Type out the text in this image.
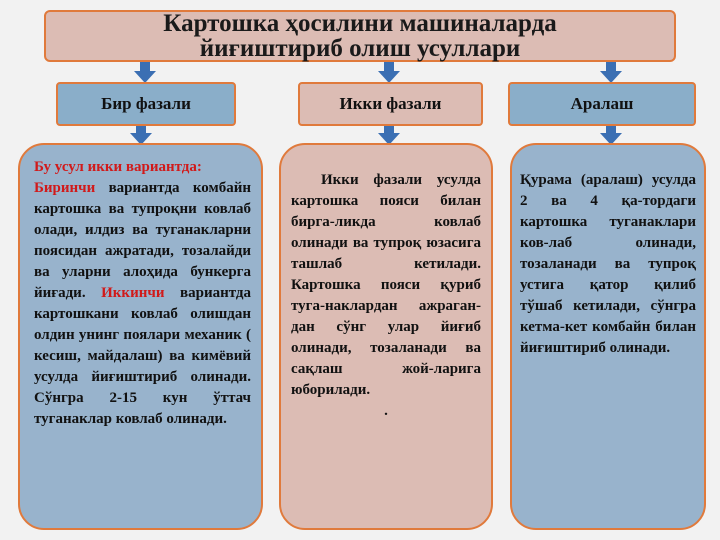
Картошка ҳосилини машиналарда
йиғиштириб олиш усуллари
Бир фазали	Икки фазали	Аралаш

Бу усул икки вариантда:
Биринчи вариантда комбайн картошка ва тупроқни ковлаб олади, илдиз ва туганакларни поясидан ажратади, тозалайди ва уларни алоҳида бункерга йиғади. Иккинчи вариантда картошкани ковлаб олишдан олдин унинг поялари механик ( кесиш, майдалаш) ва кимёвий усулда йиғиштириб олинади. Сўнгра 2-15 кун ўттач туганаклар ковлаб олинади.

Икки фазали усулда картошка пояси билан бирга-ликда ковлаб олинади ва тупроқ юзасига ташлаб кетилади. Картошка пояси қуриб туга-наклардан ажраган-дан сўнг улар йиғиб олинади, тозаланади ва сақлаш жой-ларига юборилади.

.

Қурама (аралаш) усулда 2 ва 4 қа-тордаги картошка туганаклари ков-лаб олинади, тозаланади ва тупроқ устига қатор қилиб тўшаб кетилади, сўнгра кетма-кет комбайн билан йиғиштириб олинади.
